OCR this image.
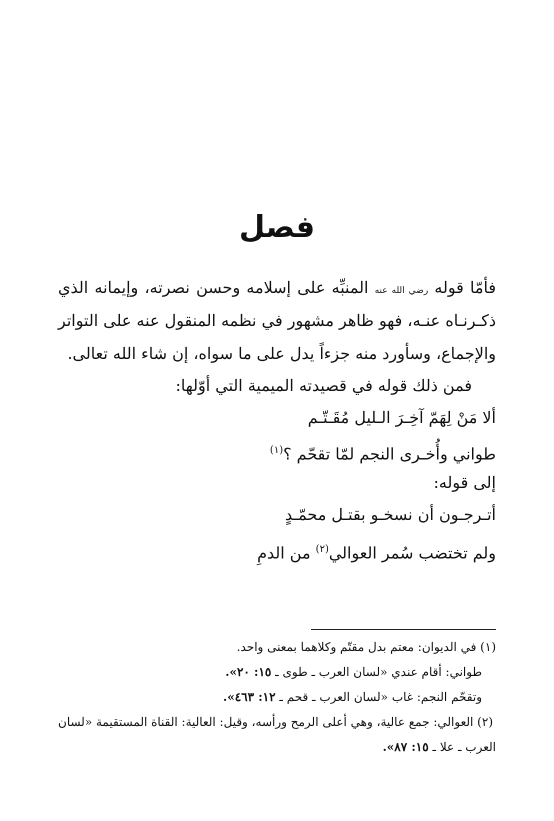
فصل
فأمّا قوله رضي الله عنه المنبِّه على إسلامه وحسن نصرته، وإيمانه الذي
ذكـرنـاه عنـه، فهو ظاهر مشهور في نظمه المنقول عنه على التواتر
والإجماع، وسأورد منه جزءاً يدل على ما سواه، إن شاء الله تعالى.
فمن ذلك قوله في قصيدته الميمية التي أوّلها:
ألا مَنْ لِهَمّ آخِـرَ الـليل مُقَـتّـم
طواني وأُخـرى النجم لمّا تقحّم ؟$^{(١)}$
إلى قوله:
أتـرجـون أن نسخـو بقتـل محمّـدٍ
ولم تختضب سُمر العوالي$^{(٢)}$ من الدمِ
(١) في الديوان: معتم بدل مقتّم وكلاهما بمعنى واحد.
طواني: أقام عندي «لسان العرب ـ طوى ـ ١٥: ٢٠».
وتقحّم النجم: غاب «لسان العرب ـ قحم ـ ١٢: ٤٦٣».
(٢) العوالي: جمع عالية، وهي أعلى الرمح ورأسه، وقيل: العالية: القناة المستقيمة «لسان
العرب ـ علا ـ ١٥: ٨٧».
